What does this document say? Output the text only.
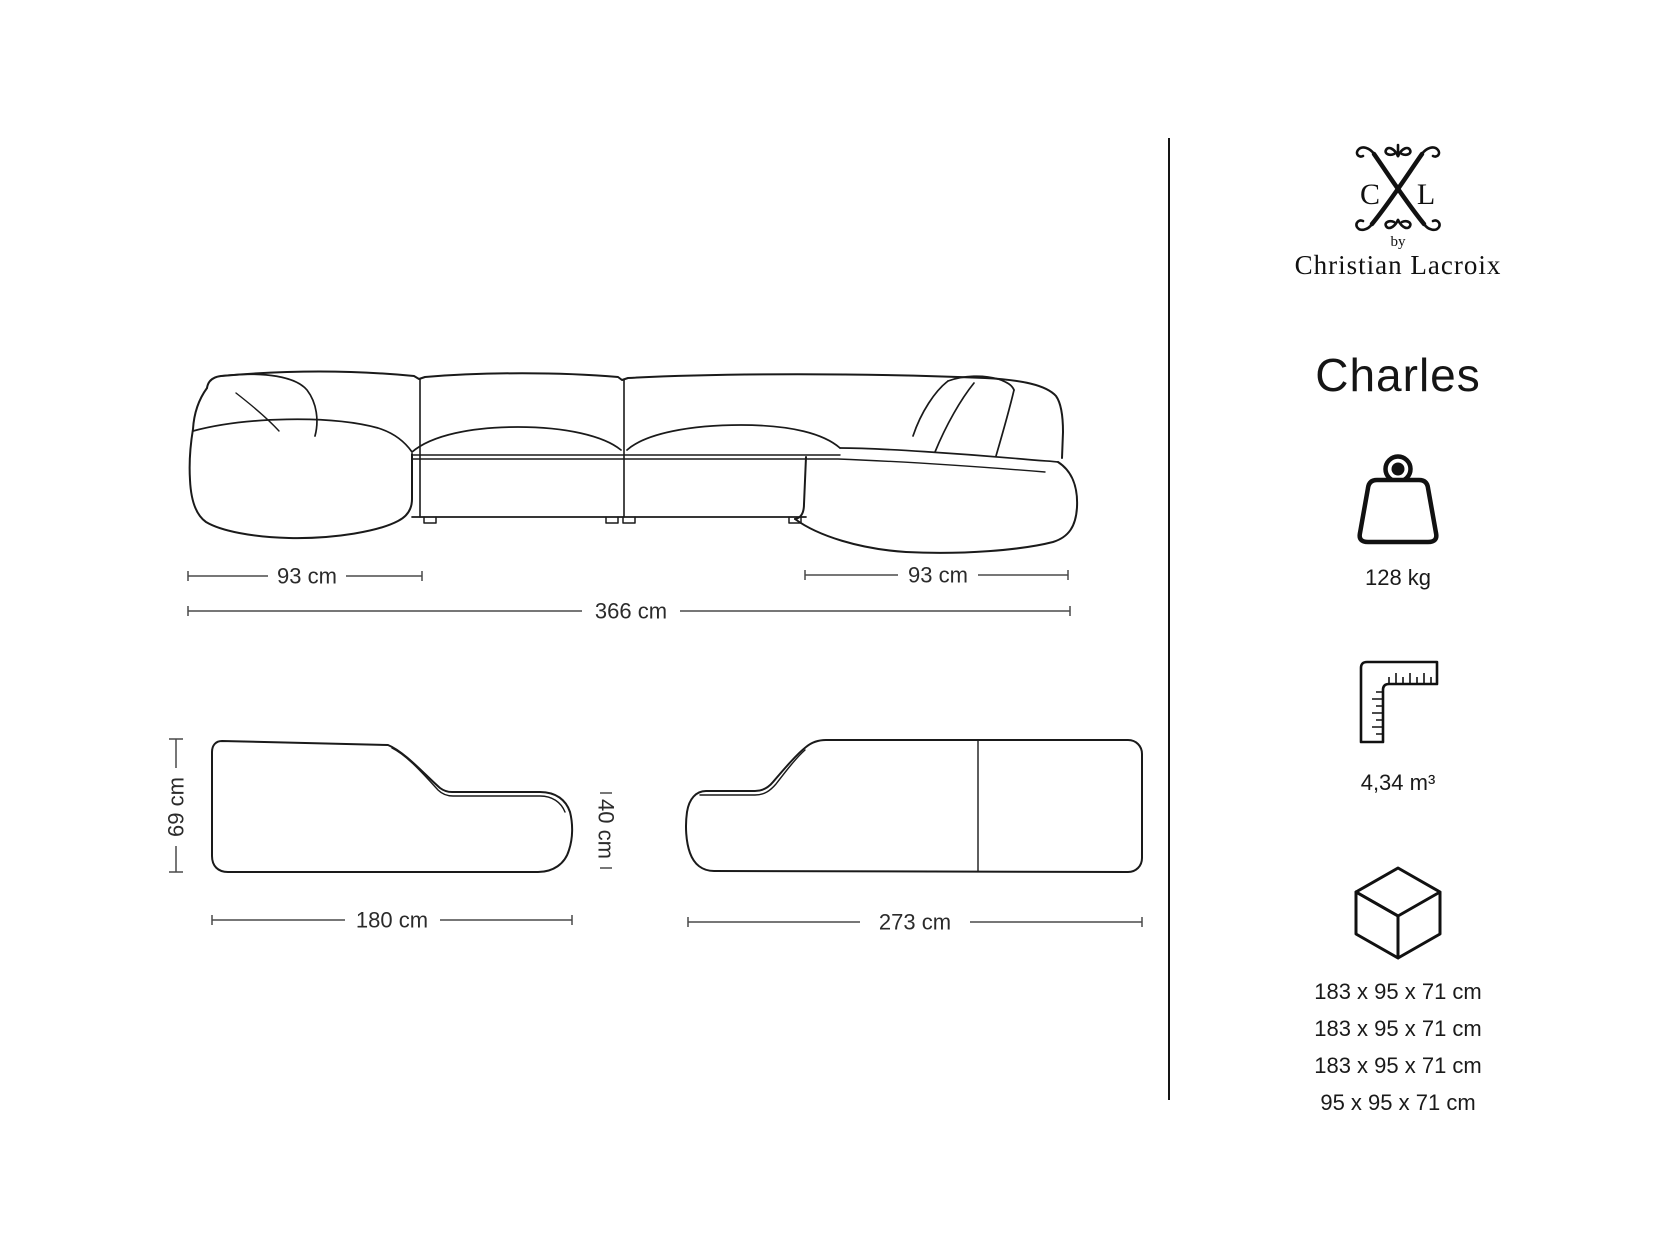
93 cm	93 cm
366 cm
69 cm	40 cm
180 cm	273 cm
C L
by
Christian Lacroix
Charles
128 kg
4,34 m³
183 x 95 x 71 cm
183 x 95 x 71 cm
183 x 95 x 71 cm
95 x 95 x 71 cm
